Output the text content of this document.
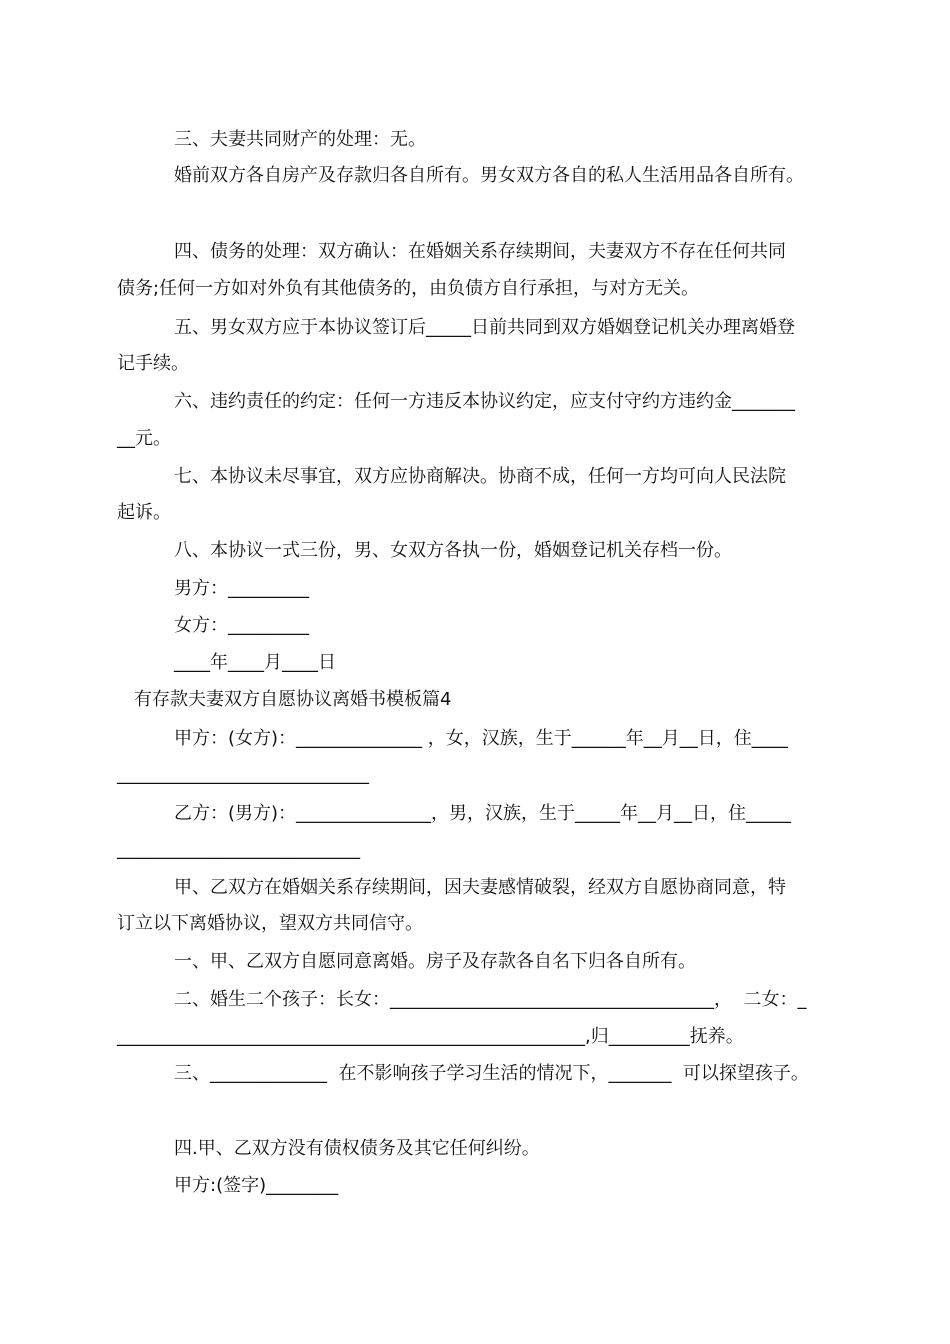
三、夫妻共同财产的处理：无。
婚前双方各自房产及存款归各自所有。男女双方各自的私人生活用品各自所有。
四、债务的处理：双方确认：在婚姻关系存续期间，夫妻双方不存在任何共同
债务;任何一方如对外负有其他债务的，由负债方自行承担，与对方无关。
五、男女双方应于本协议签订后_____日前共同到双方婚姻登记机关办理离婚登
记手续。
六、违约责任的约定：任何一方违反本协议约定，应支付守约方违约金_______
__元。
七、本协议未尽事宜，双方应协商解决。协商不成，任何一方均可向人民法院
起诉。
八、本协议一式三份，男、女双方各执一份，婚姻登记机关存档一份。
男方：_________
女方：_________
____年____月____日
有存款夫妻双方自愿协议离婚书模板篇4
甲方：(女方)：______________ ，女，汉族，生于______年__月__日，住____
____________________________
乙方：(男方)：_______________，男，汉族，生于_____年__月__日，住_____
___________________________
甲、乙双方在婚姻关系存续期间，因夫妻感情破裂，经双方自愿协商同意，特
订立以下离婚协议，望双方共同信守。
一、甲、乙双方自愿同意离婚。房子及存款各自名下归各自所有。
二、婚生二个孩子：长女：____________________________________，  二女：_
____________________________________________________,归_________抚养。
三、_____________  在不影响孩子学习生活的情况下，_______  可以探望孩子。
四.甲、乙双方没有债权债务及其它任何纠纷。
甲方:(签字)________
